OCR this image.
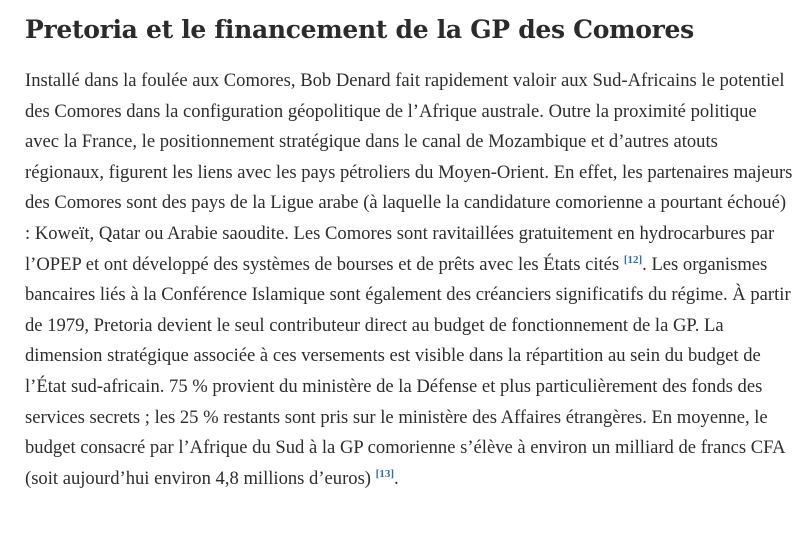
Pretoria et le financement de la GP des Comores

Installé dans la foulée aux Comores, Bob Denard fait rapidement valoir aux Sud-Africains le potentiel des Comores dans la configuration géopolitique de l’Afrique australe. Outre la proximité politique avec la France, le positionnement stratégique dans le canal de Mozambique et d’autres atouts régionaux, figurent les liens avec les pays pétroliers du Moyen-Orient. En effet, les partenaires majeurs des Comores sont des pays de la Ligue arabe (à laquelle la candidature comorienne a pourtant échoué) : Koweït, Qatar ou Arabie saoudite. Les Comores sont ravitaillées gratuitement en hydrocarbures par l’OPEP et ont développé des systèmes de bourses et de prêts avec les États cités [12]. Les organismes bancaires liés à la Conférence Islamique sont également des créanciers significatifs du régime. À partir de 1979, Pretoria devient le seul contributeur direct au budget de fonctionnement de la GP. La dimension stratégique associée à ces versements est visible dans la répartition au sein du budget de l’État sud-africain. 75 % provient du ministère de la Défense et plus particulièrement des fonds des services secrets ; les 25 % restants sont pris sur le ministère des Affaires étrangères. En moyenne, le budget consacré par l’Afrique du Sud à la GP comorienne s’élève à environ un milliard de francs CFA (soit aujourd’hui environ 4,8 millions d’euros) [13].
